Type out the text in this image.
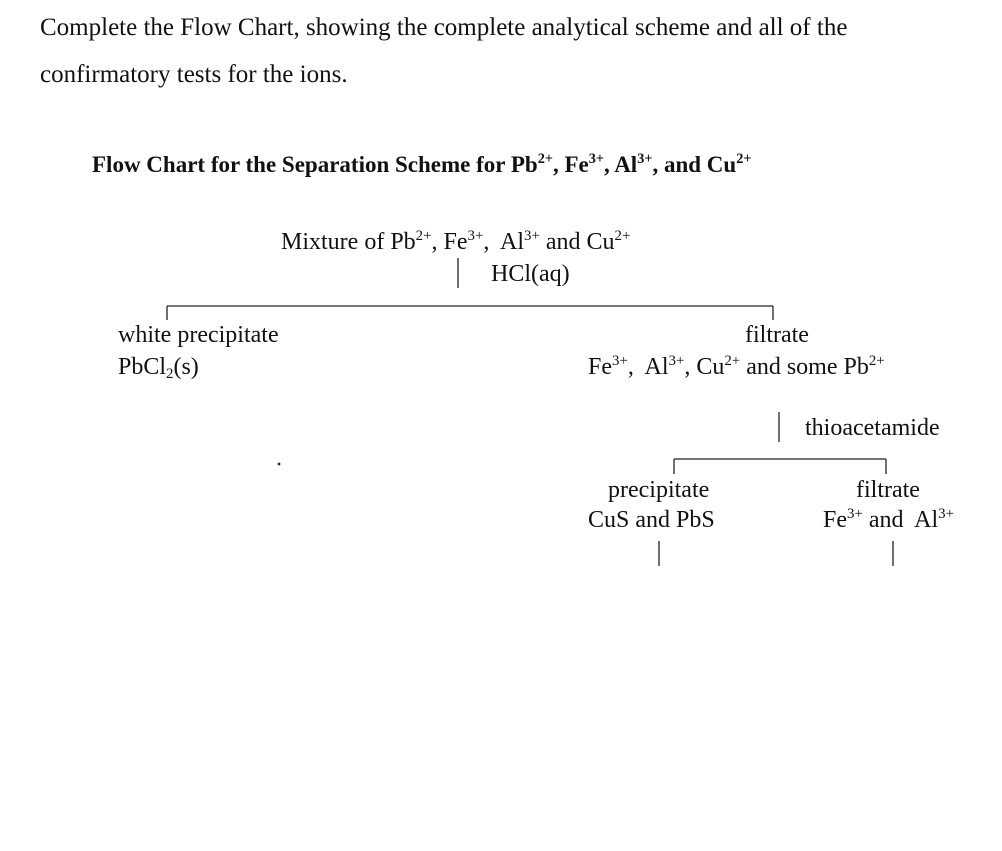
Complete the Flow Chart, showing the complete analytical scheme and all of the
confirmatory tests for the ions.
Flow Chart for the Separation Scheme for $Pb^{2+}$, $Fe^{3+}$, $Al^{3+}$, and $Cu^{2+}$
Mixture of $Pb^{2+}$, $Fe^{3+}$,  $Al^{3+}$ and $Cu^{2+}$
HCl(aq)
white precipitate
PbCl2(s)
filtrate
$Fe^{3+}$,  $Al^{3+}$, $Cu^{2+}$ and some $Pb^{2+}$
thioacetamide
precipitate
CuS and PbS
filtrate
$Fe^{3+}$ and  $Al^{3+}$
